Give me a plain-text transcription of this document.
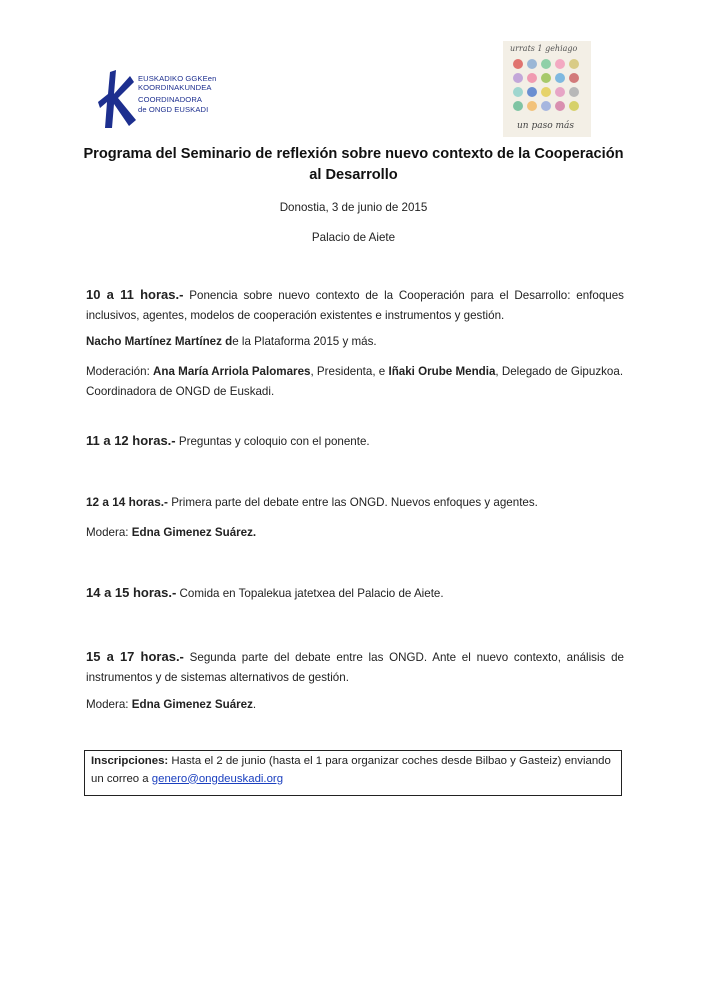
EUSKADIKO GGKEen
KOORDINAKUNDEA
COORDINADORA
de ONGD EUSKADI
urrats 1 gehiago
un paso más
Programa del Seminario de reflexión sobre nuevo contexto de la Cooperación
al Desarrollo
Donostia, 3 de junio de 2015
Palacio de Aiete
10 a 11 horas.- Ponencia sobre nuevo contexto de la Cooperación para el Desarrollo: enfoques inclusivos, agentes, modelos de cooperación existentes e instrumentos y gestión.
Nacho Martínez Martínez de la Plataforma 2015 y más.
Moderación: Ana María Arriola Palomares, Presidenta, e Iñaki Orube Mendia, Delegado de Gipuzkoa. Coordinadora de ONGD de Euskadi.
11 a 12 horas.- Preguntas y coloquio con el ponente.
12 a 14 horas.- Primera parte del debate entre las ONGD. Nuevos enfoques y agentes.
Modera: Edna Gimenez Suárez.
14 a 15 horas.- Comida en Topalekua jatetxea del Palacio de Aiete.
15 a 17 horas.- Segunda parte del debate entre las ONGD. Ante el nuevo contexto, análisis de instrumentos y de sistemas alternativos de gestión.
Modera: Edna Gimenez Suárez.
Inscripciones: Hasta el 2 de junio (hasta el 1 para organizar coches desde Bilbao y Gasteiz) enviando un correo a genero@ongdeuskadi.org
